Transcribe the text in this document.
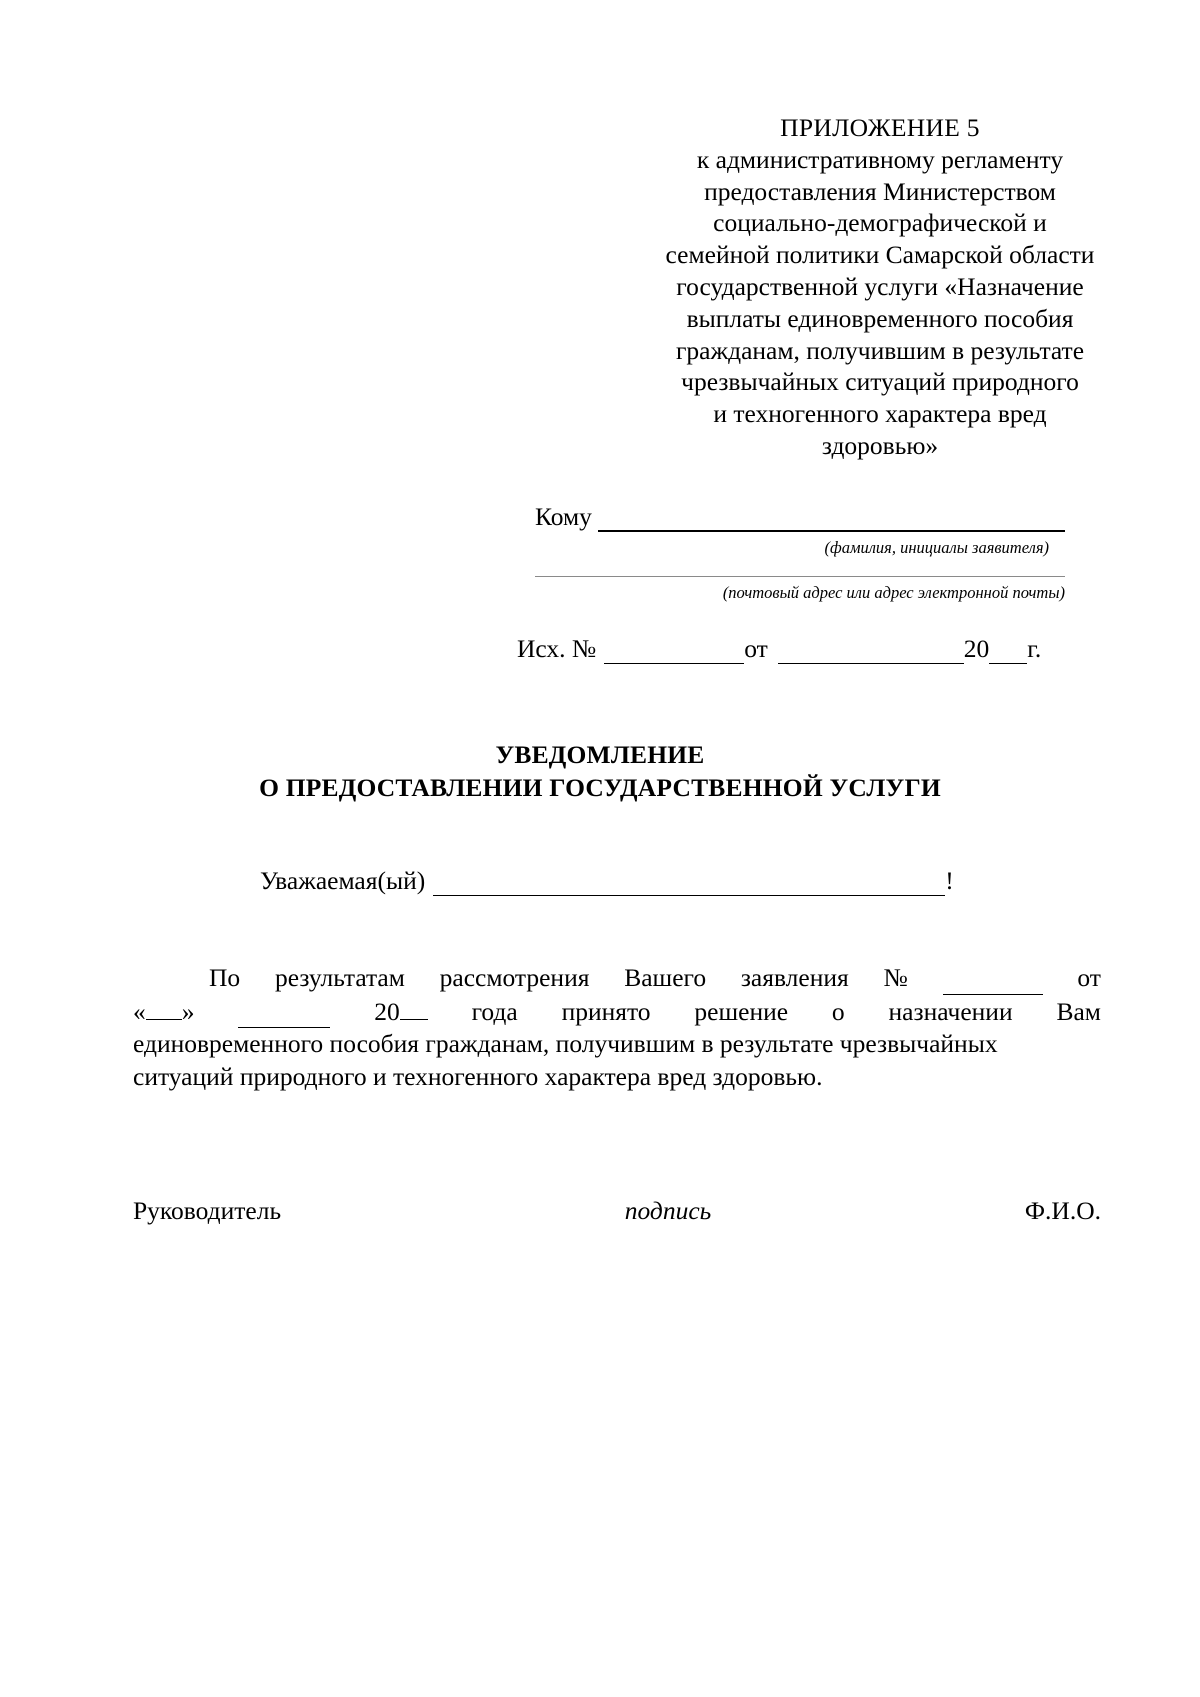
ПРИЛОЖЕНИЕ 5
к административному регламенту
предоставления Министерством
социально-демографической и
семейной политики Самарской области
государственной услуги «Назначение
выплаты единовременного пособия
гражданам, получившим в результате
чрезвычайных ситуаций природного
и техногенного характера вред
здоровью»
Кому
(фамилия, инициалы заявителя)
(почтовый адрес или адрес электронной почты)
Исх. №	от	20 г.
УВЕДОМЛЕНИЕ
О ПРЕДОСТАВЛЕНИИ ГОСУДАРСТВЕННОЙ УСЛУГИ
Уважаемая(ый)	!
По результатам рассмотрения Вашего заявления №	от
« »	20	года принято решение о назначении Вам
единовременного пособия гражданам, получившим в результате чрезвычайных
ситуаций природного и техногенного характера вред здоровью.
Руководитель	подпись	Ф.И.О.
